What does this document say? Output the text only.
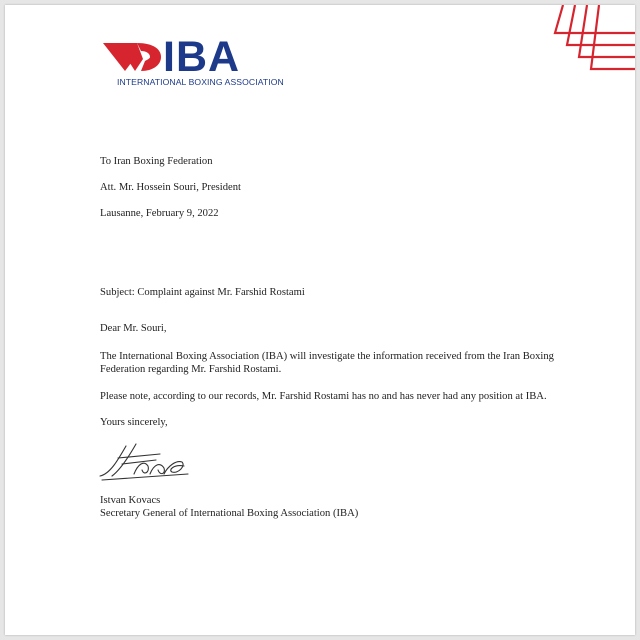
IBA
INTERNATIONAL BOXING ASSOCIATION
To Iran Boxing Federation
Att. Mr. Hossein Souri, President
Lausanne, February 9, 2022
Subject: Complaint against Mr. Farshid Rostami
Dear Mr. Souri,
The International Boxing Association (IBA) will investigate the information received from the Iran Boxing Federation regarding Mr. Farshid Rostami.
Please note, according to our records, Mr. Farshid Rostami has no and has never had any position at IBA.
Yours sincerely,
Istvan Kovacs
Secretary General of International Boxing Association (IBA)
